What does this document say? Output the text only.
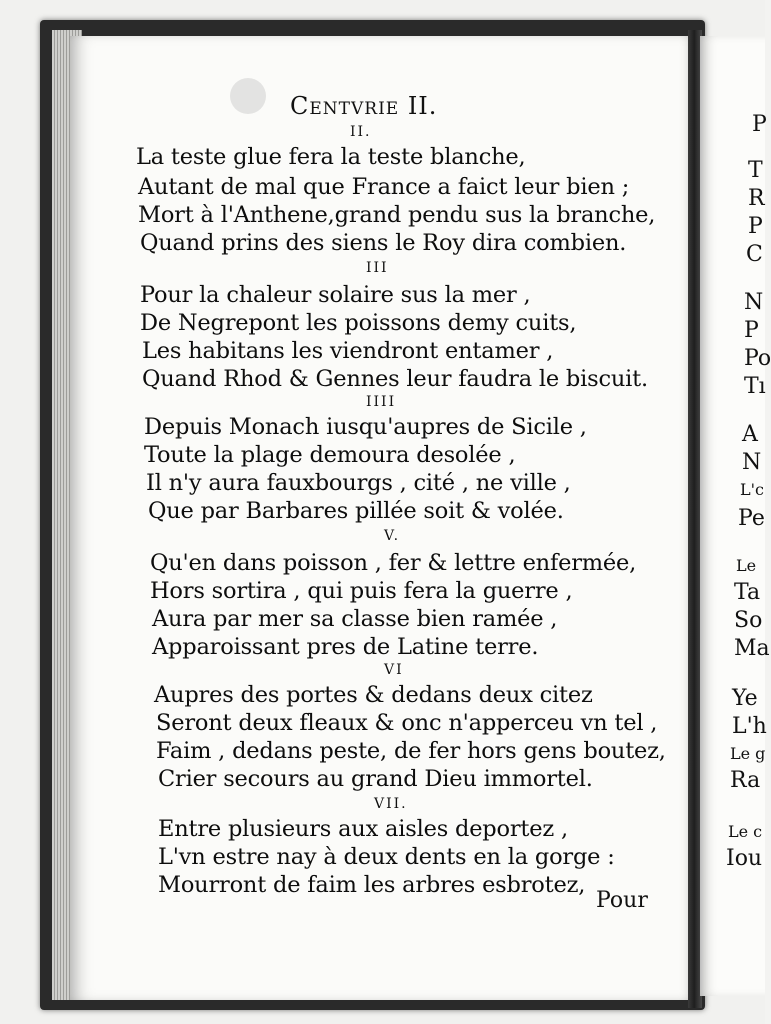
Centvrie II.
II.
La teste glue fera la teste blanche,
Autant de mal que France a faict leur bien ;
Mort à l'Anthene,grand pendu sus la branche,
Quand prins des siens le Roy dira combien.
III
Pour la chaleur solaire sus la mer ,
De Negrepont les poissons demy cuits,
Les habitans les viendront entamer ,
Quand Rhod & Gennes leur faudra le biscuit.
IIII
Depuis Monach iusqu'aupres de Sicile ,
Toute la plage demoura desolée ,
Il n'y aura fauxbourgs , cité , ne ville ,
Que par Barbares pillée soit & volée.
V.
Qu'en dans poisson , fer & lettre enfermée,
Hors sortira , qui puis fera la guerre ,
Aura par mer sa classe bien ramée ,
Apparoissant pres de Latine terre.
VI
Aupres des portes & dedans deux citez
Seront deux fleaux & onc n'apperceu vn tel ,
Faim , dedans peste, de fer hors gens boutez,
Crier secours au grand Dieu immortel.
VII.
Entre plusieurs aux aisles deportez ,
L'vn estre nay à deux dents en la gorge :
Mourront de faim les arbres esbrotez,
Pour
P
T
R
P
C
N
P
Po
Tı
A
N
L'c
Pe
Le
Ta
So
Ma
Ye
L'h
Le g
Ra
Le c
Iou
